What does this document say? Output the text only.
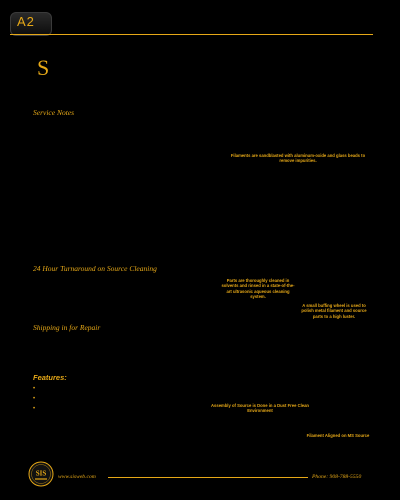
A2
S
Service Notes
24 Hour Turnaround on Source Cleaning
Shipping in for Repair
Features:
Filaments are sandblasted with aluminum-oxide and glass beads to remove impurities.
Parts are thoroughly cleaned in solvents and rinsed in a state-of-the-art ultrasonic aqueous cleaning system.
A small buffing wheel is used to polish metal filament and source parts to a high luster.
Assembly of Source is Done in a Dust Free Clean Environment
Filament Aligned on MS Source
•
•
•
SIS www.sisweb.com	Phone: 908-788-5550
